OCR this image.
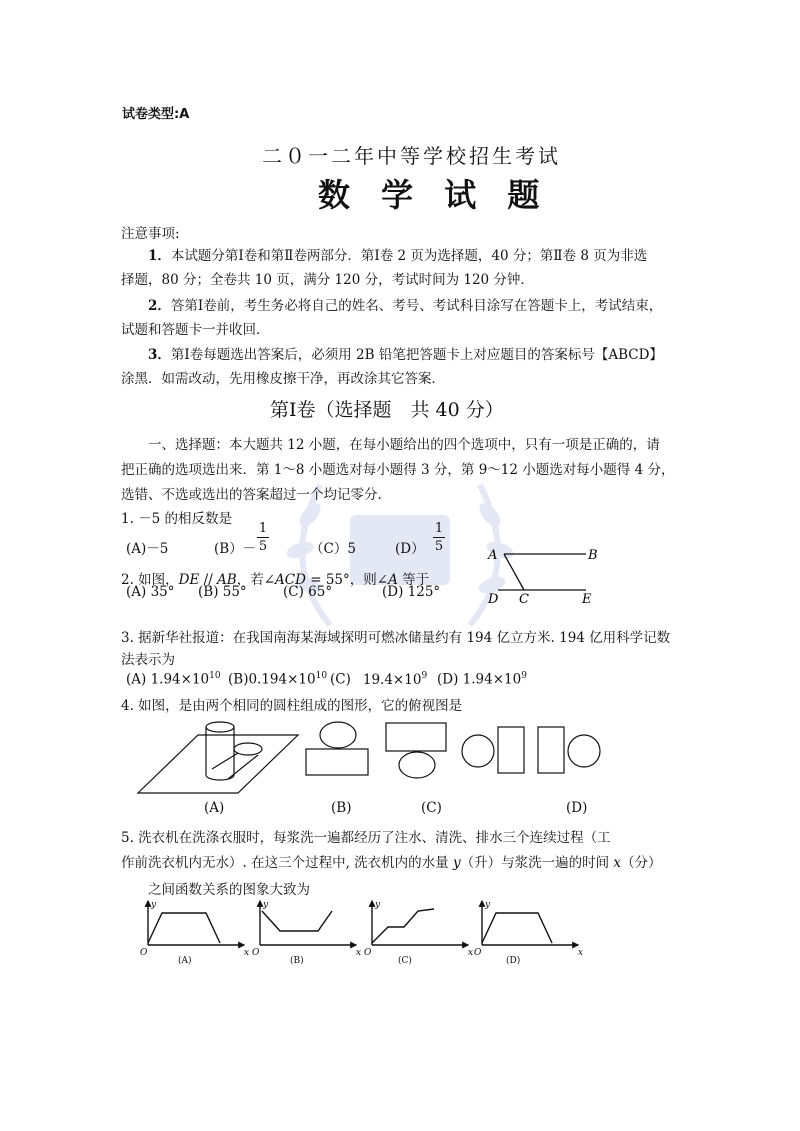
试卷类型:A
二０一二年中等学校招生考试
数 学 试 题
注意事项:
1．本试题分第Ⅰ卷和第Ⅱ卷两部分．第Ⅰ卷 2 页为选择题，40 分；第Ⅱ卷 8 页为非选
择题，80 分；全卷共 10 页，满分 120 分，考试时间为 120 分钟．
2．答第Ⅰ卷前，考生务必将自己的姓名、考号、考试科目涂写在答题卡上，考试结束，
试题和答题卡一并收回．
3．第Ⅰ卷每题选出答案后，必须用 2B 铅笔把答题卡上对应题目的答案标号【ABCD】
涂黑．如需改动，先用橡皮擦干净，再改涂其它答案．
第Ⅰ卷（选择题　共 40 分）
一、选择题：本大题共 12 小题，在每小题给出的四个选项中，只有一项是正确的，请
把正确的选项选出来．第 1～8 小题选对每小题得 3 分，第 9～12 小题选对每小题得 4 分，
选错、不选或选出的答案超过一个均记零分．
1. －5 的相反数是
(A)－5	(B）－
1
5	（C）5	(D）
1
5
2. 如图，DE // AB，若∠ACD = 55°，则∠A 等于
(A) 35° (B) 55°	(C) 65°	(D) 125°
A	B
D C	E
3. 据新华社报道：在我国南海某海域探明可燃冰储量约有 194 亿立方米. 194 亿用科学记数
法表示为
(A) $1.94\times 10^{10}$ $(B)0.194\times 10^{10}$ (C) $19.4\times 10^9$ (D) $1.94\times 10^9$
4. 如图，是由两个相同的圆柱组成的图形，它的俯视图是
(A)	(B)	(C)	(D)
5. 洗衣机在洗涤衣服时，每浆洗一遍都经历了注水、清洗、排水三个连续过程（工
作前洗衣机内无水）. 在这三个过程中, 洗衣机内的水量 y（升）与浆洗一遍的时间 x（分）
之间函数关系的图象大致为
y
x
O
y
x
O
y
x
O
y
x
O
(A)	(B)	(C)	(D)
